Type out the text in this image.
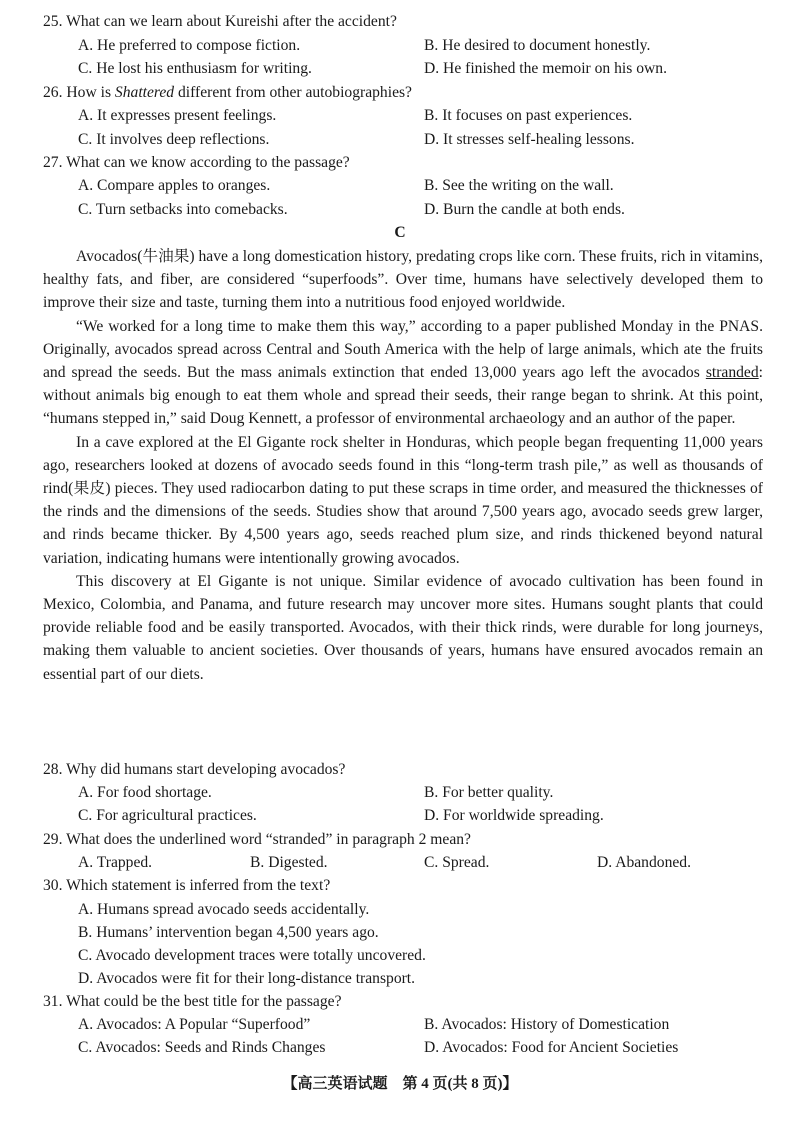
25. What can we learn about Kureishi after the accident?
A. He preferred to compose fiction.	B. He desired to document honestly.
C. He lost his enthusiasm for writing.	D. He finished the memoir on his own.
26. How is Shattered different from other autobiographies?
A. It expresses present feelings.	B. It focuses on past experiences.
C. It involves deep reflections.	D. It stresses self-healing lessons.
27. What can we know according to the passage?
A. Compare apples to oranges.	B. See the writing on the wall.
C. Turn setbacks into comebacks.	D. Burn the candle at both ends.
C

Avocados(牛油果) have a long domestication history, predating crops like corn. These fruits, rich in vitamins, healthy fats, and fiber, are considered “superfoods”. Over time, humans have selectively developed them to improve their size and taste, turning them into a nutritious food enjoyed worldwide.

“We worked for a long time to make them this way,” according to a paper published Monday in the PNAS. Originally, avocados spread across Central and South America with the help of large animals, which ate the fruits and spread the seeds. But the mass animals extinction that ended 13,000 years ago left the avocados stranded: without animals big enough to eat them whole and spread their seeds, their range began to shrink. At this point, “humans stepped in,” said Doug Kennett, a professor of environmental archaeology and an author of the paper.

In a cave explored at the El Gigante rock shelter in Honduras, which people began frequenting 11,000 years ago, researchers looked at dozens of avocado seeds found in this “long-term trash pile,” as well as thousands of rind(果皮) pieces. They used radiocarbon dating to put these scraps in time order, and measured the thicknesses of the rinds and the dimensions of the seeds. Studies show that around 7,500 years ago, avocado seeds grew larger, and rinds became thicker. By 4,500 years ago, seeds reached plum size, and rinds thickened beyond natural variation, indicating humans were intentionally growing avocados.

This discovery at El Gigante is not unique. Similar evidence of avocado cultivation has been found in Mexico, Colombia, and Panama, and future research may uncover more sites. Humans sought plants that could provide reliable food and be easily transported. Avocados, with their thick rinds, were durable for long journeys, making them valuable to ancient societies. Over thousands of years, humans have ensured avocados remain an essential part of our diets.

28. Why did humans start developing avocados?
A. For food shortage.	B. For better quality.
C. For agricultural practices.	D. For worldwide spreading.
29. What does the underlined word “stranded” in paragraph 2 mean?
A. Trapped.	B. Digested.	C. Spread.	D. Abandoned.
30. Which statement is inferred from the text?
A. Humans spread avocado seeds accidentally.
B. Humans’ intervention began 4,500 years ago.
C. Avocado development traces were totally uncovered.
D. Avocados were fit for their long-distance transport.
31. What could be the best title for the passage?
A. Avocados: A Popular “Superfood”	B. Avocados: History of Domestication
C. Avocados: Seeds and Rinds Changes	D. Avocados: Food for Ancient Societies
【高三英语试题　第 4 页(共 8 页)】
